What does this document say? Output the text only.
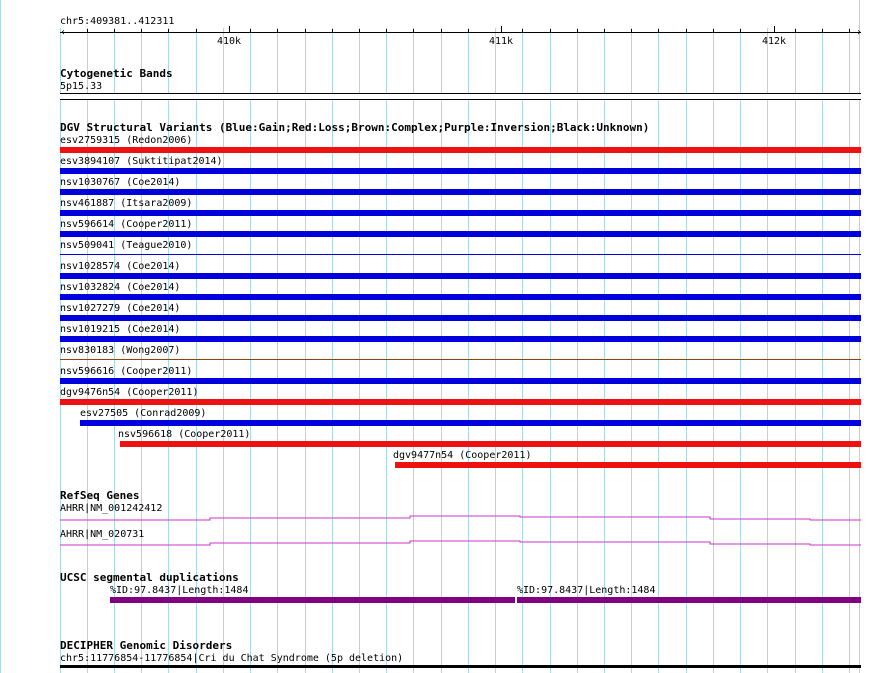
chr5:409381..412311
‹	›
410k	411k	412k
Cytogenetic Bands
5p15.33
DGV Structural Variants (Blue:Gain;Red:Loss;Brown:Complex;Purple:Inversion;Black:Unknown)
esv2759315 (Redon2006)
esv3894107 (Suktitipat2014)
nsv1030767 (Coe2014)
nsv461887 (Itsara2009)
nsv596614 (Cooper2011)
nsv509041 (Teague2010)
nsv1028574 (Coe2014)
nsv1032824 (Coe2014)
nsv1027279 (Coe2014)
nsv1019215 (Coe2014)
nsv830183 (Wong2007)
nsv596616 (Cooper2011)
dgv9476n54 (Cooper2011)
esv27505 (Conrad2009)
nsv596618 (Cooper2011)
dgv9477n54 (Cooper2011)
RefSeq Genes
AHRR|NM_001242412
AHRR|NM_020731
UCSC segmental duplications
%ID:97.8437|Length:1484	%ID:97.8437|Length:1484
DECIPHER Genomic Disorders
chr5:11776854-11776854|Cri du Chat Syndrome (5p deletion)
